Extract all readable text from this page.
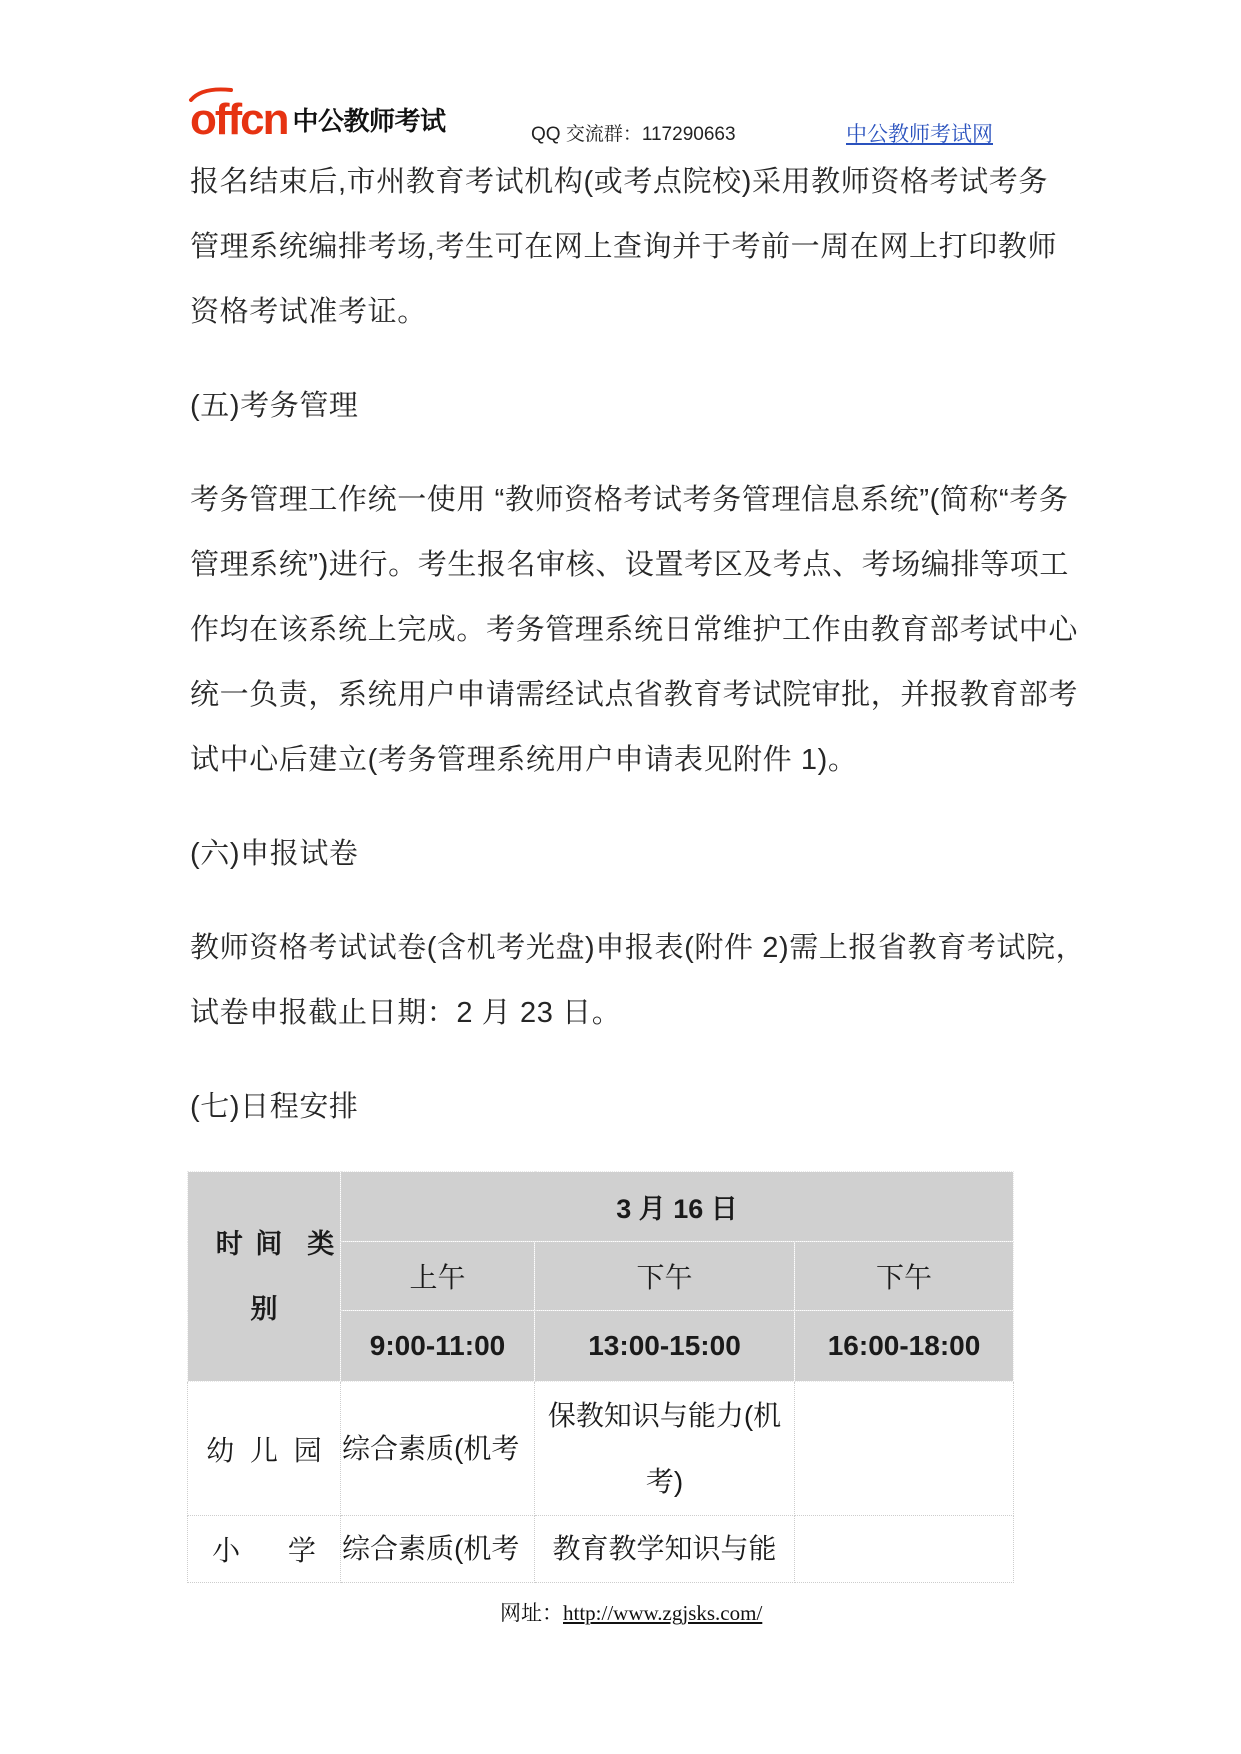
offcn 中公教师考试	QQ 交流群：117290663	中公教师考试网
报名结束后,市州教育考试机构(或考点院校)采用教师资格考试考务
管理系统编排考场,考生可在网上查询并于考前一周在网上打印教师
资格考试准考证。
(五)考务管理
考务管理工作统一使用 “教师资格考试考务管理信息系统”(简称“考务
管理系统”)进行。考生报名审核、设置考区及考点、考场编排等项工
作均在该系统上完成。考务管理系统日常维护工作由教育部考试中心
统一负责，系统用户申请需经试点省教育考试院审批，并报教育部考
试中心后建立(考务管理系统用户申请表见附件 1)。
(六)申报试卷
教师资格考试试卷(含机考光盘)申报表(附件 2)需上报省教育考试院，
试卷申报截止日期：2 月 23 日。
(七)日程安排
时 间  类
别	3 月 16 日		
	上午	下午	下午
	9:00-11:00	13:00-15:00	16:00-18:00
幼 儿 园	综合素质(机考	保教知识与能力(机
考)	

小 学	综合素质(机考	教育教学知识与能	

网址：http://www.zgjsks.com/
